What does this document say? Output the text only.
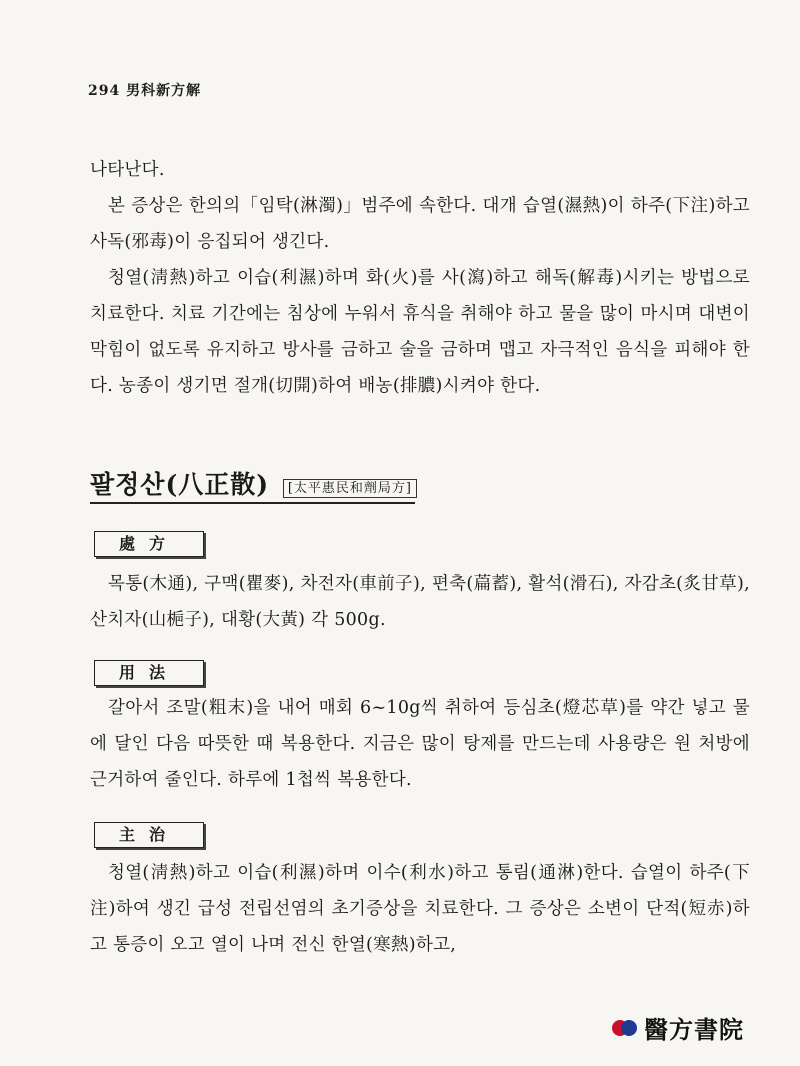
294 男科新方解
나타난다.
본 증상은 한의의「임탁(淋濁)」범주에 속한다. 대개 습열(濕熱)이 하주(下注)하고 사독(邪毒)이 응집되어 생긴다.
청열(淸熱)하고 이습(利濕)하며 화(火)를 사(瀉)하고 해독(解毒)시키는 방법으로 치료한다. 치료 기간에는 침상에 누워서 휴식을 취해야 하고 물을 많이 마시며 대변이 막힘이 없도록 유지하고 방사를 금하고 술을 금하며 맵고 자극적인 음식을 피해야 한다. 농종이 생기면 절개(切開)하여 배농(排膿)시켜야 한다.
팔정산(八正散) [太平惠民和劑局方]
處方
목통(木通), 구맥(瞿麥), 차전자(車前子), 편축(萹蓄), 활석(滑石), 자감초(炙甘草), 산치자(山梔子), 대황(大黃) 각 500g.
用法
갈아서 조말(粗末)을 내어 매회 6~10g씩 취하여 등심초(燈芯草)를 약간 넣고 물에 달인 다음 따뜻한 때 복용한다. 지금은 많이 탕제를 만드는데 사용량은 원 처방에 근거하여 줄인다. 하루에 1첩씩 복용한다.
主治
청열(淸熱)하고 이습(利濕)하며 이수(利水)하고 통림(通淋)한다. 습열이 하주(下注)하여 생긴 급성 전립선염의 초기증상을 치료한다. 그 증상은 소변이 단적(短赤)하고 통증이 오고 열이 나며 전신 한열(寒熱)하고,
醫方書院
